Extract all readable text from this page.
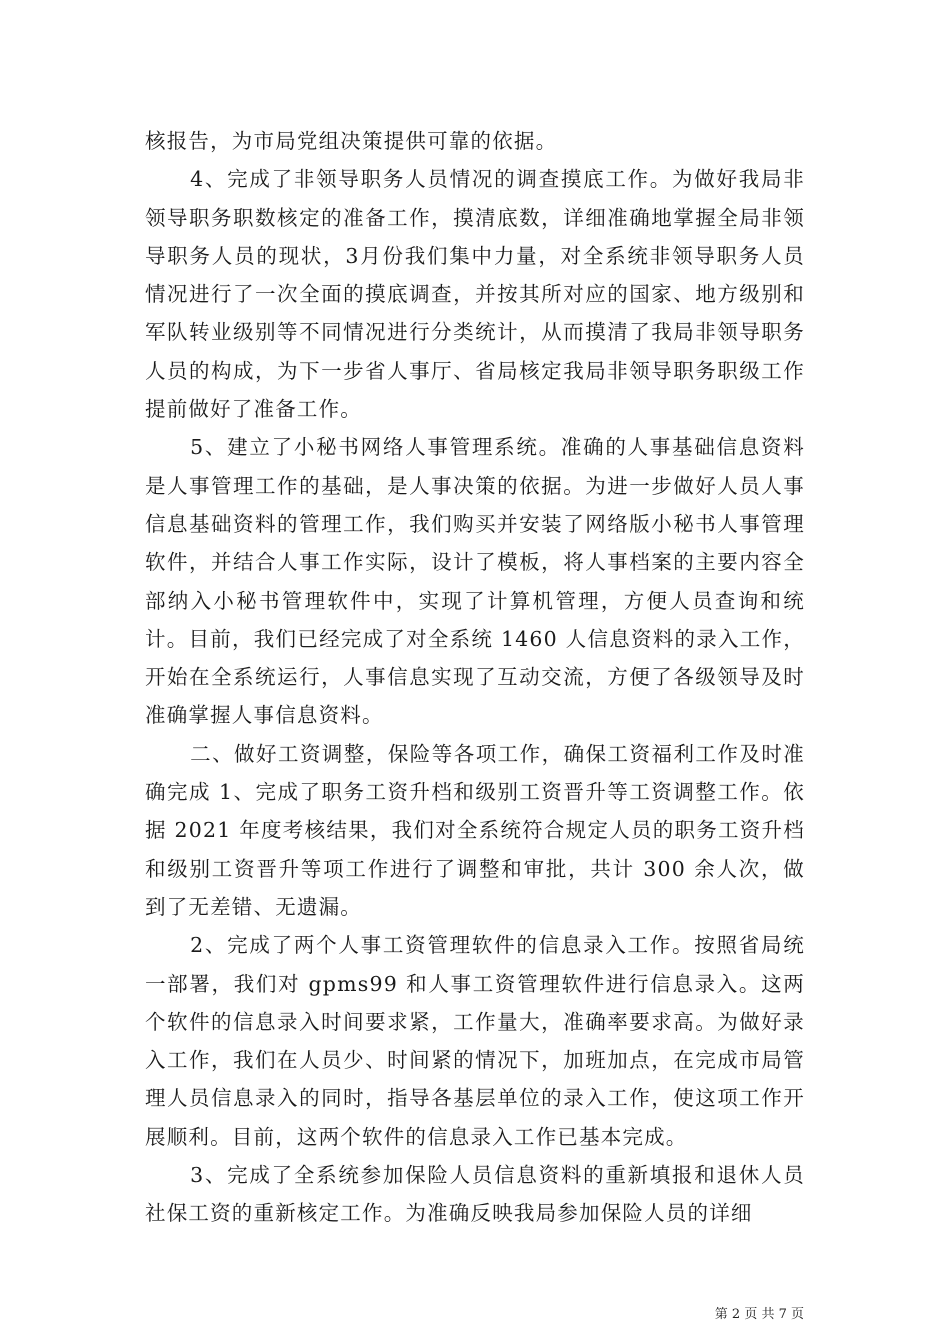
核报告，为市局党组决策提供可靠的依据。

4、完成了非领导职务人员情况的调查摸底工作。为做好我局非领导职务职数核定的准备工作，摸清底数，详细准确地掌握全局非领导职务人员的现状，3月份我们集中力量，对全系统非领导职务人员情况进行了一次全面的摸底调查，并按其所对应的国家、地方级别和军队转业级别等不同情况进行分类统计，从而摸清了我局非领导职务人员的构成，为下一步省人事厅、省局核定我局非领导职务职级工作提前做好了准备工作。

5、建立了小秘书网络人事管理系统。准确的人事基础信息资料是人事管理工作的基础，是人事决策的依据。为进一步做好人员人事信息基础资料的管理工作，我们购买并安装了网络版小秘书人事管理软件，并结合人事工作实际，设计了模板，将人事档案的主要内容全部纳入小秘书管理软件中，实现了计算机管理，方便人员查询和统计。目前，我们已经完成了对全系统 1460 人信息资料的录入工作，开始在全系统运行，人事信息实现了互动交流，方便了各级领导及时准确掌握人事信息资料。

二、做好工资调整，保险等各项工作，确保工资福利工作及时准确完成 1、完成了职务工资升档和级别工资晋升等工资调整工作。依据 2021 年度考核结果，我们对全系统符合规定人员的职务工资升档和级别工资晋升等项工作进行了调整和审批，共计 300 余人次，做到了无差错、无遗漏。

2、完成了两个人事工资管理软件的信息录入工作。按照省局统一部署，我们对 gpms99 和人事工资管理软件进行信息录入。这两个软件的信息录入时间要求紧，工作量大，准确率要求高。为做好录入工作，我们在人员少、时间紧的情况下，加班加点，在完成市局管理人员信息录入的同时，指导各基层单位的录入工作，使这项工作开展顺利。目前，这两个软件的信息录入工作已基本完成。

3、完成了全系统参加保险人员信息资料的重新填报和退休人员社保工资的重新核定工作。为准确反映我局参加保险人员的详细

第 2 页 共 7 页
